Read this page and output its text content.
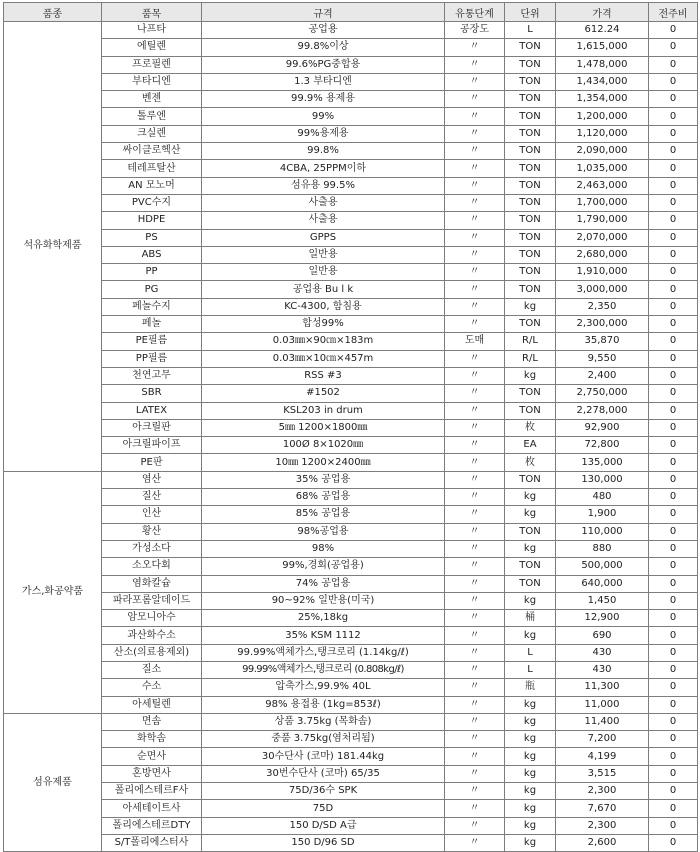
품종	품목	규격	유통단계	단위	가격	전주비
석유화학제품	나프타	공업용	공장도	L	612.24	0
	에틸렌	99.8%이상	〃	TON	1,615,000	0
	프로필렌	99.6%PG중합용	〃	TON	1,478,000	0
	부타디엔	1.3 부타디엔	〃	TON	1,434,000	0
	벤젠	99.9% 용제용	〃	TON	1,354,000	0
	톨루엔	99%	〃	TON	1,200,000	0
	크실렌	99%용제용	〃	TON	1,120,000	0
	싸이클로헥산	99.8%	〃	TON	2,090,000	0
	테레프탈산	4CBA, 25PPM이하	〃	TON	1,035,000	0
	AN 모노머	섬유용 99.5%	〃	TON	2,463,000	0
	PVC수지	사출용	〃	TON	1,700,000	0
	HDPE	사출용	〃	TON	1,790,000	0
	PS	GPPS	〃	TON	2,070,000	0
	ABS	일반용	〃	TON	2,680,000	0
	PP	일반용	〃	TON	1,910,000	0
	PG	공업용 Bu l k	〃	TON	3,000,000	0
	페놀수지	KC-4300, 함침용	〃	kg	2,350	0
	페놀	합성99%	〃	TON	2,300,000	0
	PE필름	0.03㎜×90㎝×183m	도매	R/L	35,870	0
	PP필름	0.03㎜×10㎝×457m	〃	R/L	9,550	0
	천연고무	RSS #3	〃	kg	2,400	0
	SBR	#1502	〃	TON	2,750,000	0
	LATEX	KSL203 in drum	〃	TON	2,278,000	0
	아크릴판	5㎜ 1200×1800㎜	〃	枚	92,900	0
	아크릴파이프	100Ø 8×1020㎜	〃	EA	72,800	0
	PE판	10㎜ 1200×2400㎜	〃	枚	135,000	0
가스,화공약품	염산	35% 공업용	〃	TON	130,000	0
	질산	68% 공업용	〃	kg	480	0
	인산	85% 공업용	〃	kg	1,900	0
	황산	98%공업용	〃	TON	110,000	0
	가성소다	98%	〃	kg	880	0
	소오다회	99%,경회(공업용)	〃	TON	500,000	0
	염화칼슘	74% 공업용	〃	TON	640,000	0
	파라포롬알데이드	90~92% 일반용(미국)	〃	kg	1,450	0
	암모니아수	25%,18kg	〃	桶	12,900	0
	과산화수소	35% KSM 1112	〃	kg	690	0
	산소(의료용제외)	99.99%액체가스,탱크로리 (1.14kg/ℓ)	〃	L	430	0
	질소	99.99%액체가스,탱크로리 (0.808kg/ℓ)	〃	L	430	0
	수소	압축가스,99.9% 40L	〃	瓶	11,300	0
	아세틸렌	98% 용접용 (1kg=853ℓ)	〃	kg	11,000	0
섬유제품	면솜	상품 3.75kg (목화솜)	〃	kg	11,400	0
	화학솜	중품 3.75kg(염처리됨)	〃	kg	7,200	0
	순면사	30수단사 (코마) 181.44kg	〃	kg	4,199	0
	혼방면사	30번수단사 (코마) 65/35	〃	kg	3,515	0
	폴리에스테르F사	75D/36수 SPK	〃	kg	2,300	0
	아세테이트사	75D	〃	kg	7,670	0
	폴리에스테르DTY	150 D/SD A급	〃	kg	2,300	0
	S/T폴리에스터사	150 D/96 SD	〃	kg	2,600	0
